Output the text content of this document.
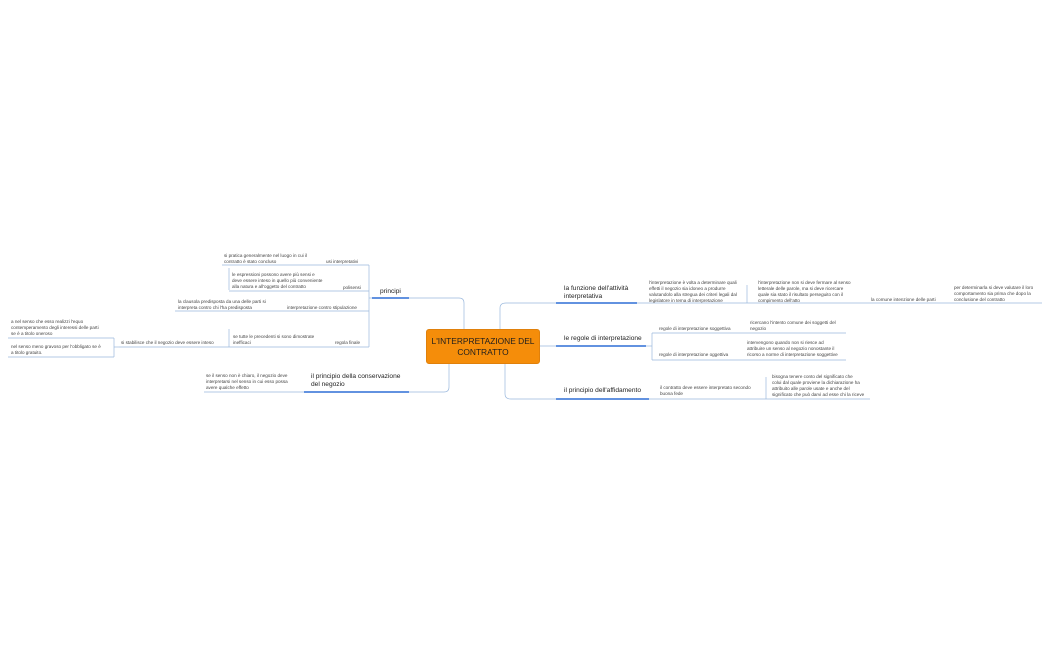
L'INTERPRETAZIONE DEL CONTRATTO
principi
si pratica generalmente nel luogo in cui il
contratto è stato concluso	usi interpretativi
le espressioni possono avere più sensi e
deve essere inteso in quello più conveniente
alla natura e all'oggetto del contratto	polisensi
la clausola predisposta da una delle parti si
interpreta contro chi l'ha predisposta	interpretazione contro stipulazione
se tutte le precedenti si sono dimostrate
inefficaci	regola finale
si stabilisce che il negozio deve essere inteso
a nel senso che esso realizzi l'equo
contemperamento degli interessi delle parti
se è a titolo oneroso
nel senso meno gravoso per l'obbligato se è
a titolo gratuito.
il principio della conservazione
del negozio
se il senso non è chiaro, il negozio deve
interpretarsi nel senso in cui esso possa
avere qualche effetto
la funzione dell'attività
interpretativa
l'interpretazione è volta a determinare quali
effetti il negozio sia idoneo a produrre
valutandolo alla stregua dei criteri legali dal
legislatore in tema di interpretazione
l'interpretazione non si deve fermare al senso
letterale delle parole, ma si deve ricercare
quale sia stato il risultato perseguito con il
compimento dell'atto	la comune intenzione delle parti
per determinarla si deve valutare il loro
comportamento sia prima che dopo la
conclusione del contratto
le regole di interpretazione
regole di interpretazione soggettiva
ricercano l'intento comune dei soggetti del
negozio
regole di interpretazione oggettiva
intervengono quando non si riesce ad
attribuire un senso al negozio nonostante il
ricorso a norme di interpretazione soggettive
il principio dell'affidamento	il contratto deve essere interpretato secondo
buona fede
bisogna tenere conto del significato che
colui dal quale proviene la dichiarazione ha
attribuito alle parole usate e anche del
significato che può darvi ad esse chi la riceve
